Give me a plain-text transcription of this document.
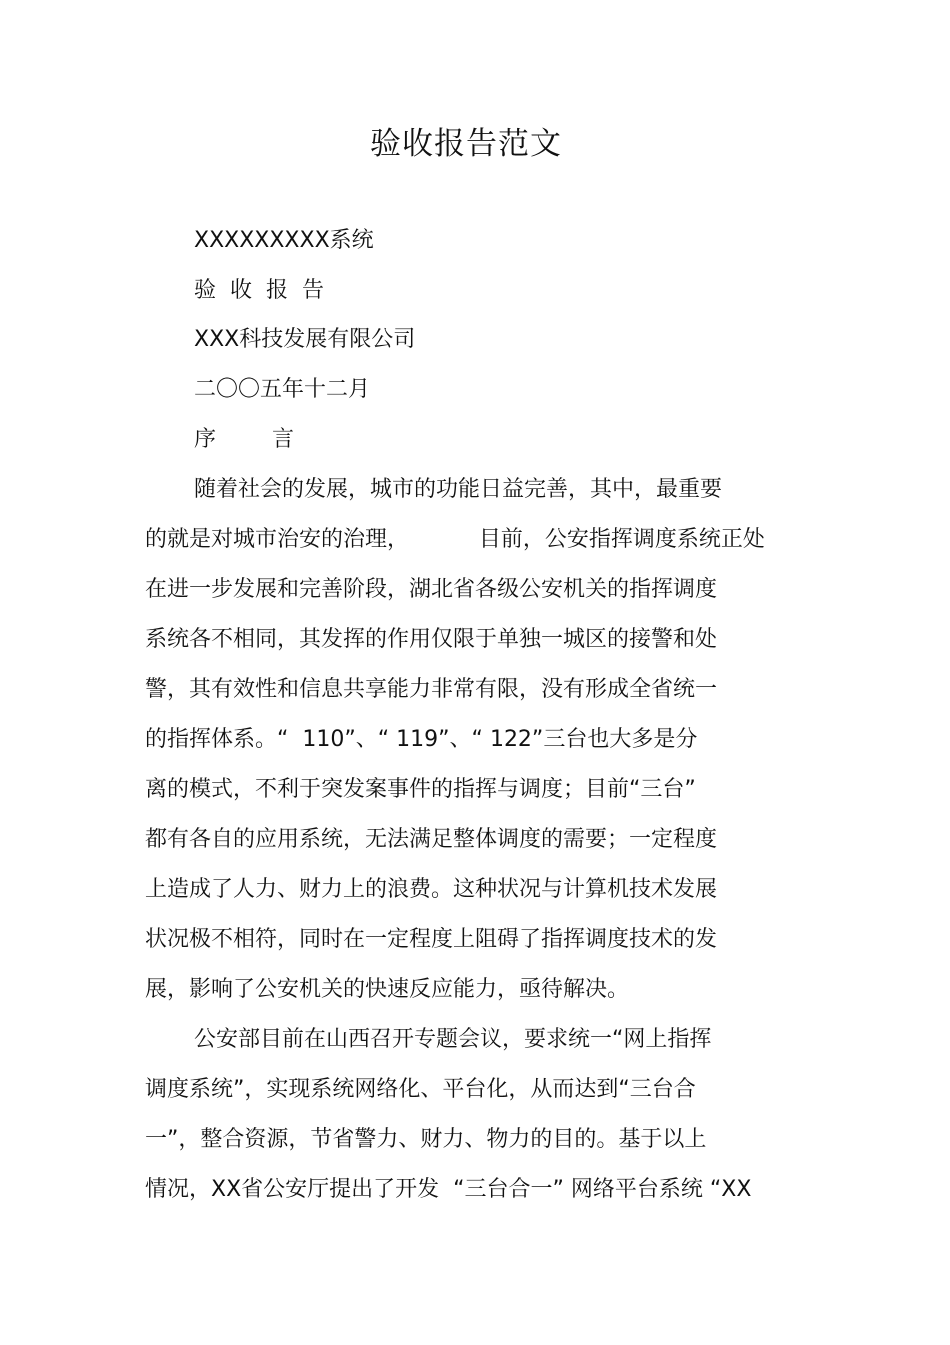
验收报告范文
XXXXXXXXX系统
验  收  报  告
XXX科技发展有限公司
二〇〇五年十二月
序        言
随着社会的发展，城市的功能日益完善，其中，最重要
的就是对城市治安的治理，          目前，公安指挥调度系统正处
在进一步发展和完善阶段，湖北省各级公安机关的指挥调度
系统各不相同，其发挥的作用仅限于单独一城区的接警和处
警，其有效性和信息共享能力非常有限，没有形成全省统一
的指挥体系。“  110”、“ 119”、“ 122”三台也大多是分
离的模式，不利于突发案事件的指挥与调度；目前“三台”
都有各自的应用系统，无法满足整体调度的需要；一定程度
上造成了人力、财力上的浪费。这种状况与计算机技术发展
状况极不相符，同时在一定程度上阻碍了指挥调度技术的发
展，影响了公安机关的快速反应能力，亟待解决。
公安部目前在山西召开专题会议，要求统一“网上指挥
调度系统”，实现系统网络化、平台化，从而达到“三台合
一”，整合资源，节省警力、财力、物力的目的。基于以上
情况，XX省公安厅提出了开发  “三台合一” 网络平台系统 “XX
